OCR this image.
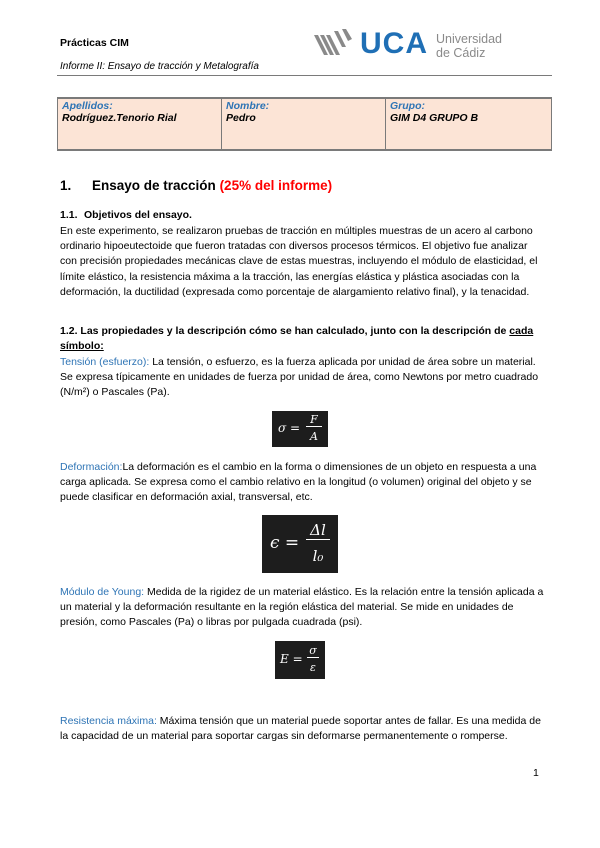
Prácticas CIM
Informe II: Ensayo de tracción y Metalografía
UCA Universidad
de Cádiz
Apellidos:
Rodríguez.Tenorio Rial

Nombre:
Pedro

Grupo:
GIM D4 GRUPO B
1. Ensayo de tracción (25% del informe)
1.1. Objetivos del ensayo.
En este experimento, se realizaron pruebas de tracción en múltiples muestras de un acero al carbono ordinario hipoeutectoide que fueron tratadas con diversos procesos térmicos. El objetivo fue analizar con precisión propiedades mecánicas clave de estas muestras, incluyendo el módulo de elasticidad, el límite elástico, la resistencia máxima a la tracción, las energías elástica y plástica asociadas con la deformación, la ductilidad (expresada como porcentaje de alargamiento relativo final), y la tenacidad.
1.2. Las propiedades y la descripción cómo se han calculado, junto con la descripción de cada símbolo:
Tensión (esfuerzo): La tensión, o esfuerzo, es la fuerza aplicada por unidad de área sobre un material. Se expresa típicamente en unidades de fuerza por unidad de área, como Newtons por metro cuadrado (N/m²) o Pascales (Pa).
σ =
F
A
Deformación:La deformación es el cambio en la forma o dimensiones de un objeto en respuesta a una carga aplicada. Se expresa como el cambio relativo en la longitud (o volumen) original del objeto y se puede clasificar en deformación axial, transversal, etc.
ϵ =
Δl
l₀
Módulo de Young: Medida de la rigidez de un material elástico. Es la relación entre la tensión aplicada a un material y la deformación resultante en la región elástica del material. Se mide en unidades de presión, como Pascales (Pa) o libras por pulgada cuadrada (psi).
E =
σ
ε
Resistencia máxima: Máxima tensión que un material puede soportar antes de fallar. Es una medida de la capacidad de un material para soportar cargas sin deformarse permanentemente o romperse.
1
